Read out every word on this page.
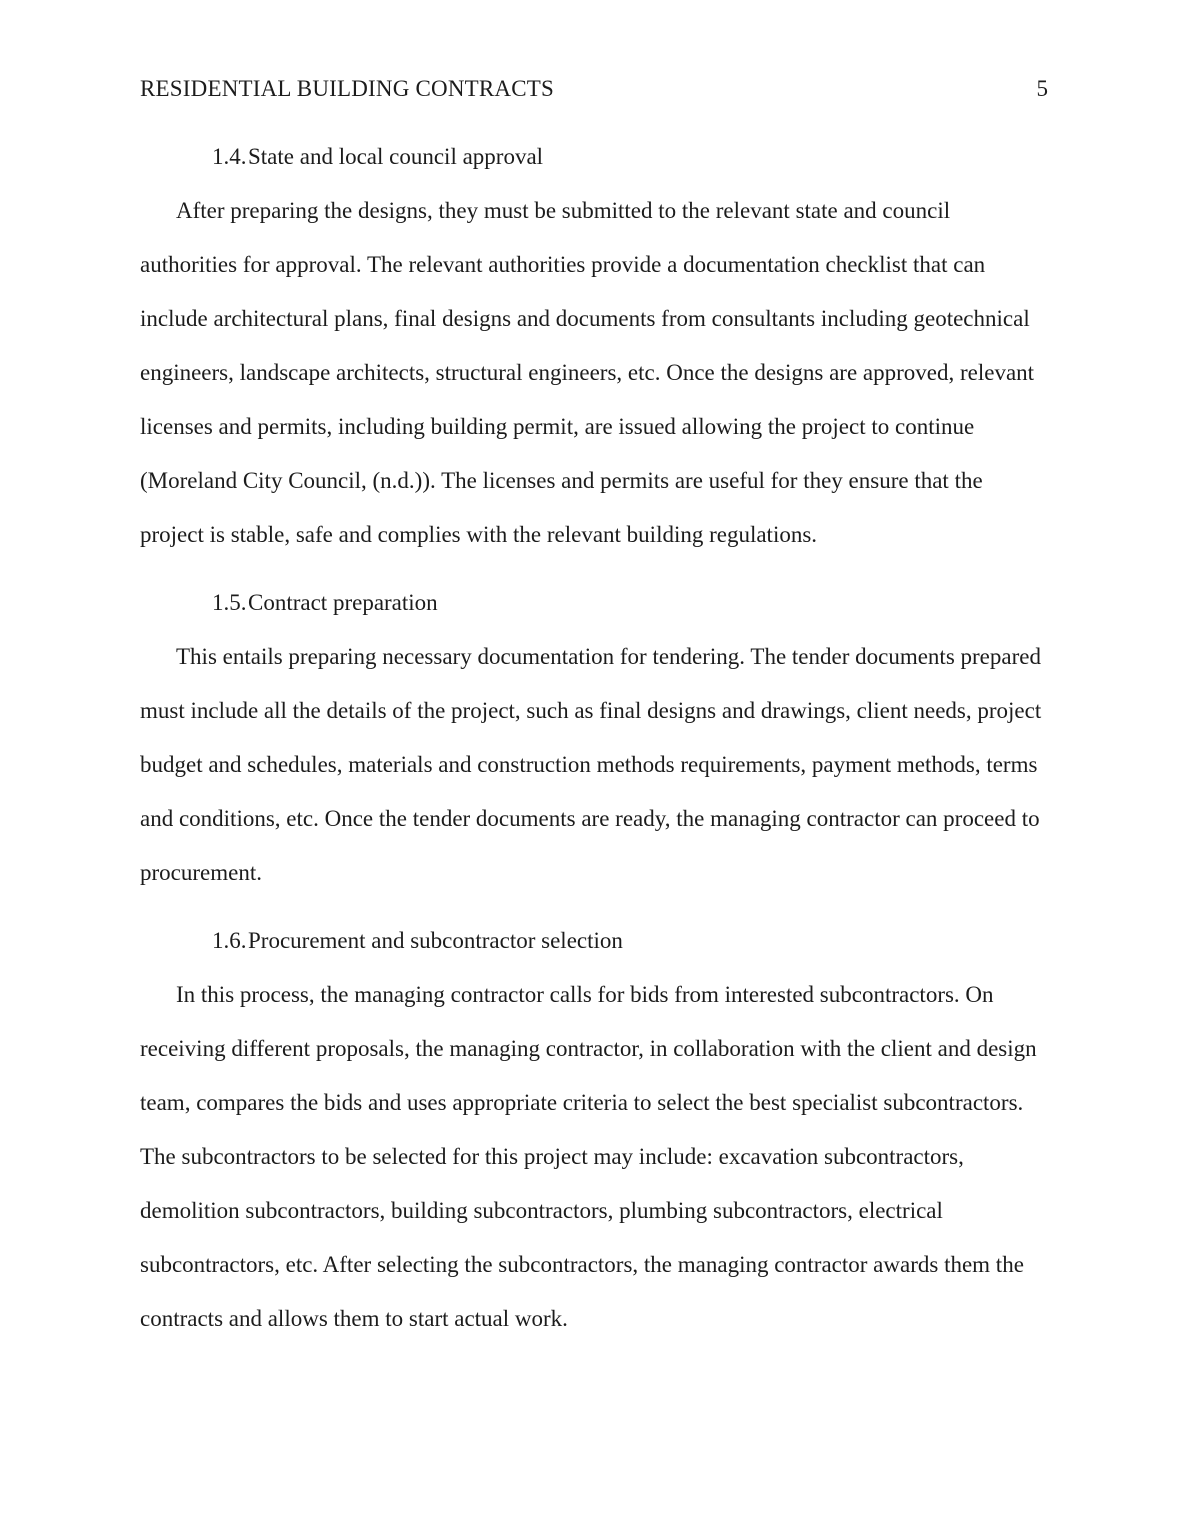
RESIDENTIAL BUILDING CONTRACTS	5
1.4.State and local council approval

After preparing the designs, they must be submitted to the relevant state and council authorities for approval. The relevant authorities provide a documentation checklist that can include architectural plans, final designs and documents from consultants including geotechnical engineers, landscape architects, structural engineers, etc. Once the designs are approved, relevant licenses and permits, including building permit, are issued allowing the project to continue (Moreland City Council, (n.d.)). The licenses and permits are useful for they ensure that the project is stable, safe and complies with the relevant building regulations.

1.5.Contract preparation

This entails preparing necessary documentation for tendering. The tender documents prepared must include all the details of the project, such as final designs and drawings, client needs, project budget and schedules, materials and construction methods requirements, payment methods, terms and conditions, etc. Once the tender documents are ready, the managing contractor can proceed to procurement.

1.6.Procurement and subcontractor selection

In this process, the managing contractor calls for bids from interested subcontractors. On receiving different proposals, the managing contractor, in collaboration with the client and design team, compares the bids and uses appropriate criteria to select the best specialist subcontractors. The subcontractors to be selected for this project may include: excavation subcontractors, demolition subcontractors, building subcontractors, plumbing subcontractors, electrical subcontractors, etc. After selecting the subcontractors, the managing contractor awards them the contracts and allows them to start actual work.
